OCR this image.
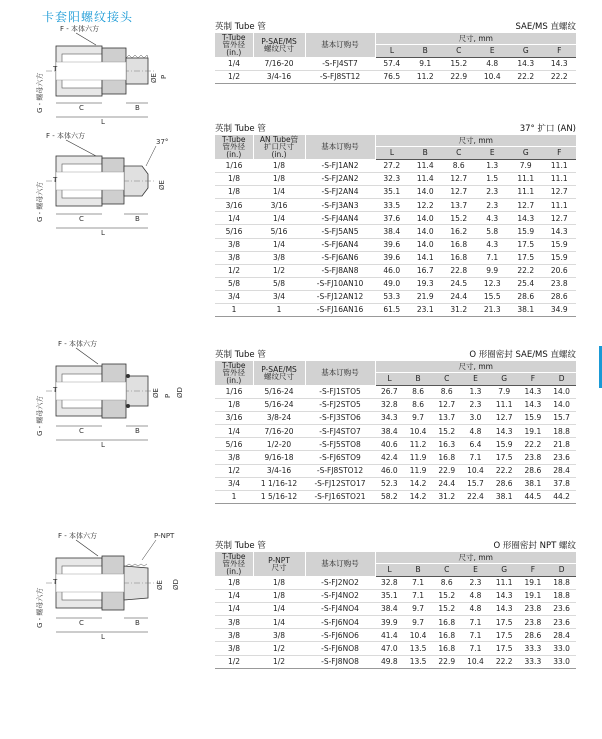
卡套阳螺纹接头
F - 本体六方
G - 螺母六方
T
ØE P
C	B
L
英制 Tube 管	SAE/MS 直螺纹
T-Tube
管外径
(in.)	P-SAE/MS
螺纹尺寸	基本订购号	尺寸, mm					
			L	B	C	E	G	F
1/4	7/16-20	-S-FJ4ST7	57.4	9.1	15.2	4.8	14.3	14.3
1/2	3/4-16	-S-FJ8ST12	76.5	11.2	22.9	10.4	22.2	22.2
F - 本体六方
37°
G - 螺母六方
T
ØE
C	B
L
英制 Tube 管	37° 扩口 (AN)
T-Tube
管外径
(in.)	AN Tube管
扩口尺寸
(in.)	基本订购号	尺寸, mm					
			L	B	C	E	G	F
1/16	1/8	-S-FJ1AN2	27.2	11.4	8.6	1.3	7.9	11.1
1/8	1/8	-S-FJ2AN2	32.3	11.4	12.7	1.5	11.1	11.1
1/8	1/4	-S-FJ2AN4	35.1	14.0	12.7	2.3	11.1	12.7
3/16	3/16	-S-FJ3AN3	33.5	12.2	13.7	2.3	12.7	11.1
1/4	1/4	-S-FJ4AN4	37.6	14.0	15.2	4.3	14.3	12.7
5/16	5/16	-S-FJ5AN5	38.4	14.0	16.2	5.8	15.9	14.3
3/8	1/4	-S-FJ6AN4	39.6	14.0	16.8	4.3	17.5	15.9
3/8	3/8	-S-FJ6AN6	39.6	14.1	16.8	7.1	17.5	15.9
1/2	1/2	-S-FJ8AN8	46.0	16.7	22.8	9.9	22.2	20.6
5/8	5/8	-S-FJ10AN10	49.0	19.3	24.5	12.3	25.4	23.8
3/4	3/4	-S-FJ12AN12	53.3	21.9	24.4	15.5	28.6	28.6
1	1	-S-FJ16AN16	61.5	23.1	31.2	21.3	38.1	34.9
F - 本体六方
G - 螺母六方
T	ØE P ØD
C	B
L
英制 Tube 管	O 形圈密封 SAE/MS 直螺纹
T-Tube
管外径
(in.)	P-SAE/MS
螺纹尺寸	基本订购号	尺寸, mm						
			L	B	C	E	G	F	D
1/16	5/16-24	-S-FJ1STO5	26.7	8.6	8.6	1.3	7.9	14.3	14.0
1/8	5/16-24	-S-FJ2STO5	32.8	8.6	12.7	2.3	11.1	14.3	14.0
3/16	3/8-24	-S-FJ3STO6	34.3	9.7	13.7	3.0	12.7	15.9	15.7
1/4	7/16-20	-S-FJ4STO7	38.4	10.4	15.2	4.8	14.3	19.1	18.8
5/16	1/2-20	-S-FJ5STO8	40.6	11.2	16.3	6.4	15.9	22.2	21.8
3/8	9/16-18	-S-FJ6STO9	42.4	11.9	16.8	7.1	17.5	23.8	23.6
1/2	3/4-16	-S-FJ8STO12	46.0	11.9	22.9	10.4	22.2	28.6	28.4
3/4	1 1/16-12	-S-FJ12STO17	52.3	14.2	24.4	15.7	28.6	38.1	37.8
1	1 5/16-12	-S-FJ16STO21	58.2	14.2	31.2	22.4	38.1	44.5	44.2
F - 本体六方	P-NPT
G - 螺母六方
T	ØE ØD
C	B
L
英制 Tube 管	O 形圈密封 NPT 螺纹
T-Tube
管外径
(in.)	P-NPT
尺寸	基本订购号	尺寸, mm						
			L	B	C	E	G	F	D
1/8	1/8	-S-FJ2NO2	32.8	7.1	8.6	2.3	11.1	19.1	18.8
1/4	1/8	-S-FJ4NO2	35.1	7.1	15.2	4.8	14.3	19.1	18.8
1/4	1/4	-S-FJ4NO4	38.4	9.7	15.2	4.8	14.3	23.8	23.6
3/8	1/4	-S-FJ6NO4	39.9	9.7	16.8	7.1	17.5	23.8	23.6
3/8	3/8	-S-FJ6NO6	41.4	10.4	16.8	7.1	17.5	28.6	28.4
3/8	1/2	-S-FJ6NO8	47.0	13.5	16.8	7.1	17.5	33.3	33.0
1/2	1/2	-S-FJ8NO8	49.8	13.5	22.9	10.4	22.2	33.3	33.0
